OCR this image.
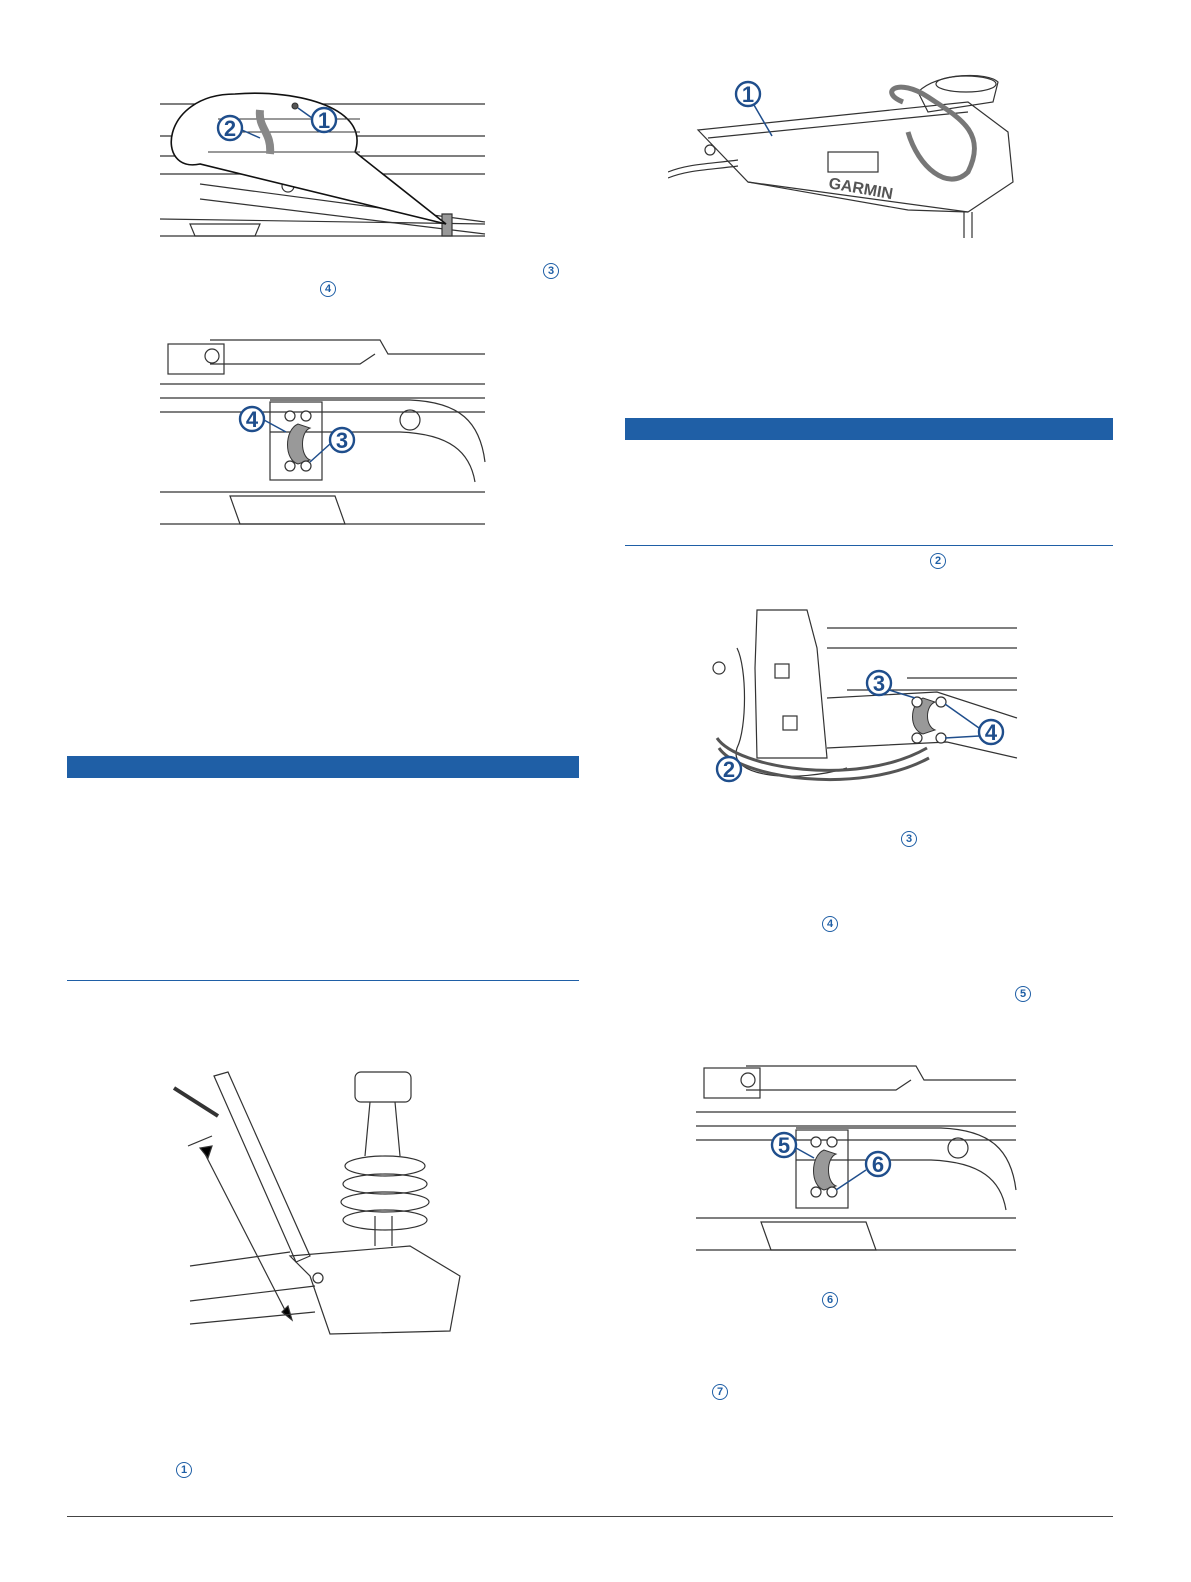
1
2
3
4
4
3
1
GARMIN
1
2
3
4
2
3
4
5
5
6
6
7
